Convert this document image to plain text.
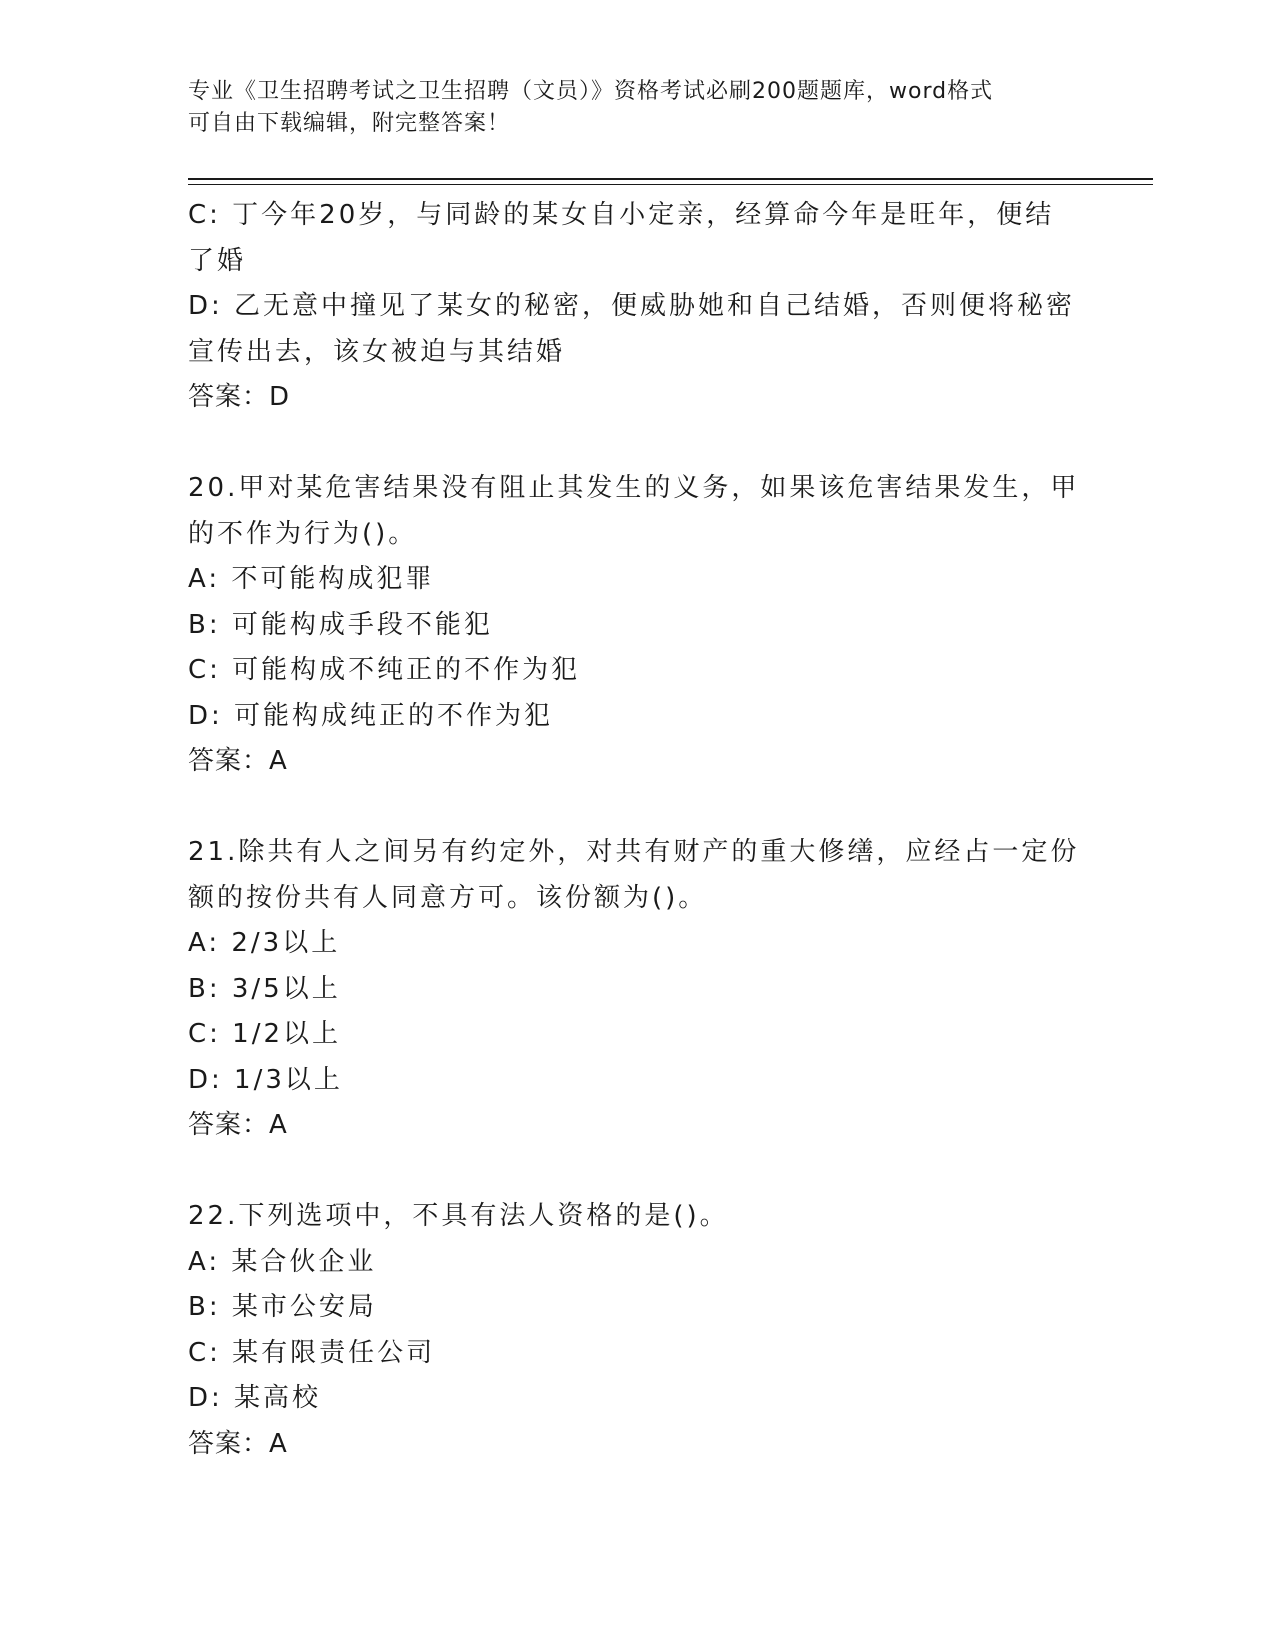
专业《卫生招聘考试之卫生招聘（文员）》资格考试必刷200题题库，word格式
可自由下载编辑，附完整答案！
C: 丁今年20岁，与同龄的某女自小定亲，经算命今年是旺年，便结
了婚
D: 乙无意中撞见了某女的秘密，便威胁她和自己结婚，否则便将秘密
宣传出去，该女被迫与其结婚
答案：D
20.甲对某危害结果没有阻止其发生的义务，如果该危害结果发生，甲
的不作为行为()。
A: 不可能构成犯罪
B: 可能构成手段不能犯
C: 可能构成不纯正的不作为犯
D: 可能构成纯正的不作为犯
答案：A
21.除共有人之间另有约定外，对共有财产的重大修缮，应经占一定份
额的按份共有人同意方可。该份额为()。
A: 2/3以上
B: 3/5以上
C: 1/2以上
D: 1/3以上
答案：A
22.下列选项中，不具有法人资格的是()。
A: 某合伙企业
B: 某市公安局
C: 某有限责任公司
D: 某高校
答案：A
